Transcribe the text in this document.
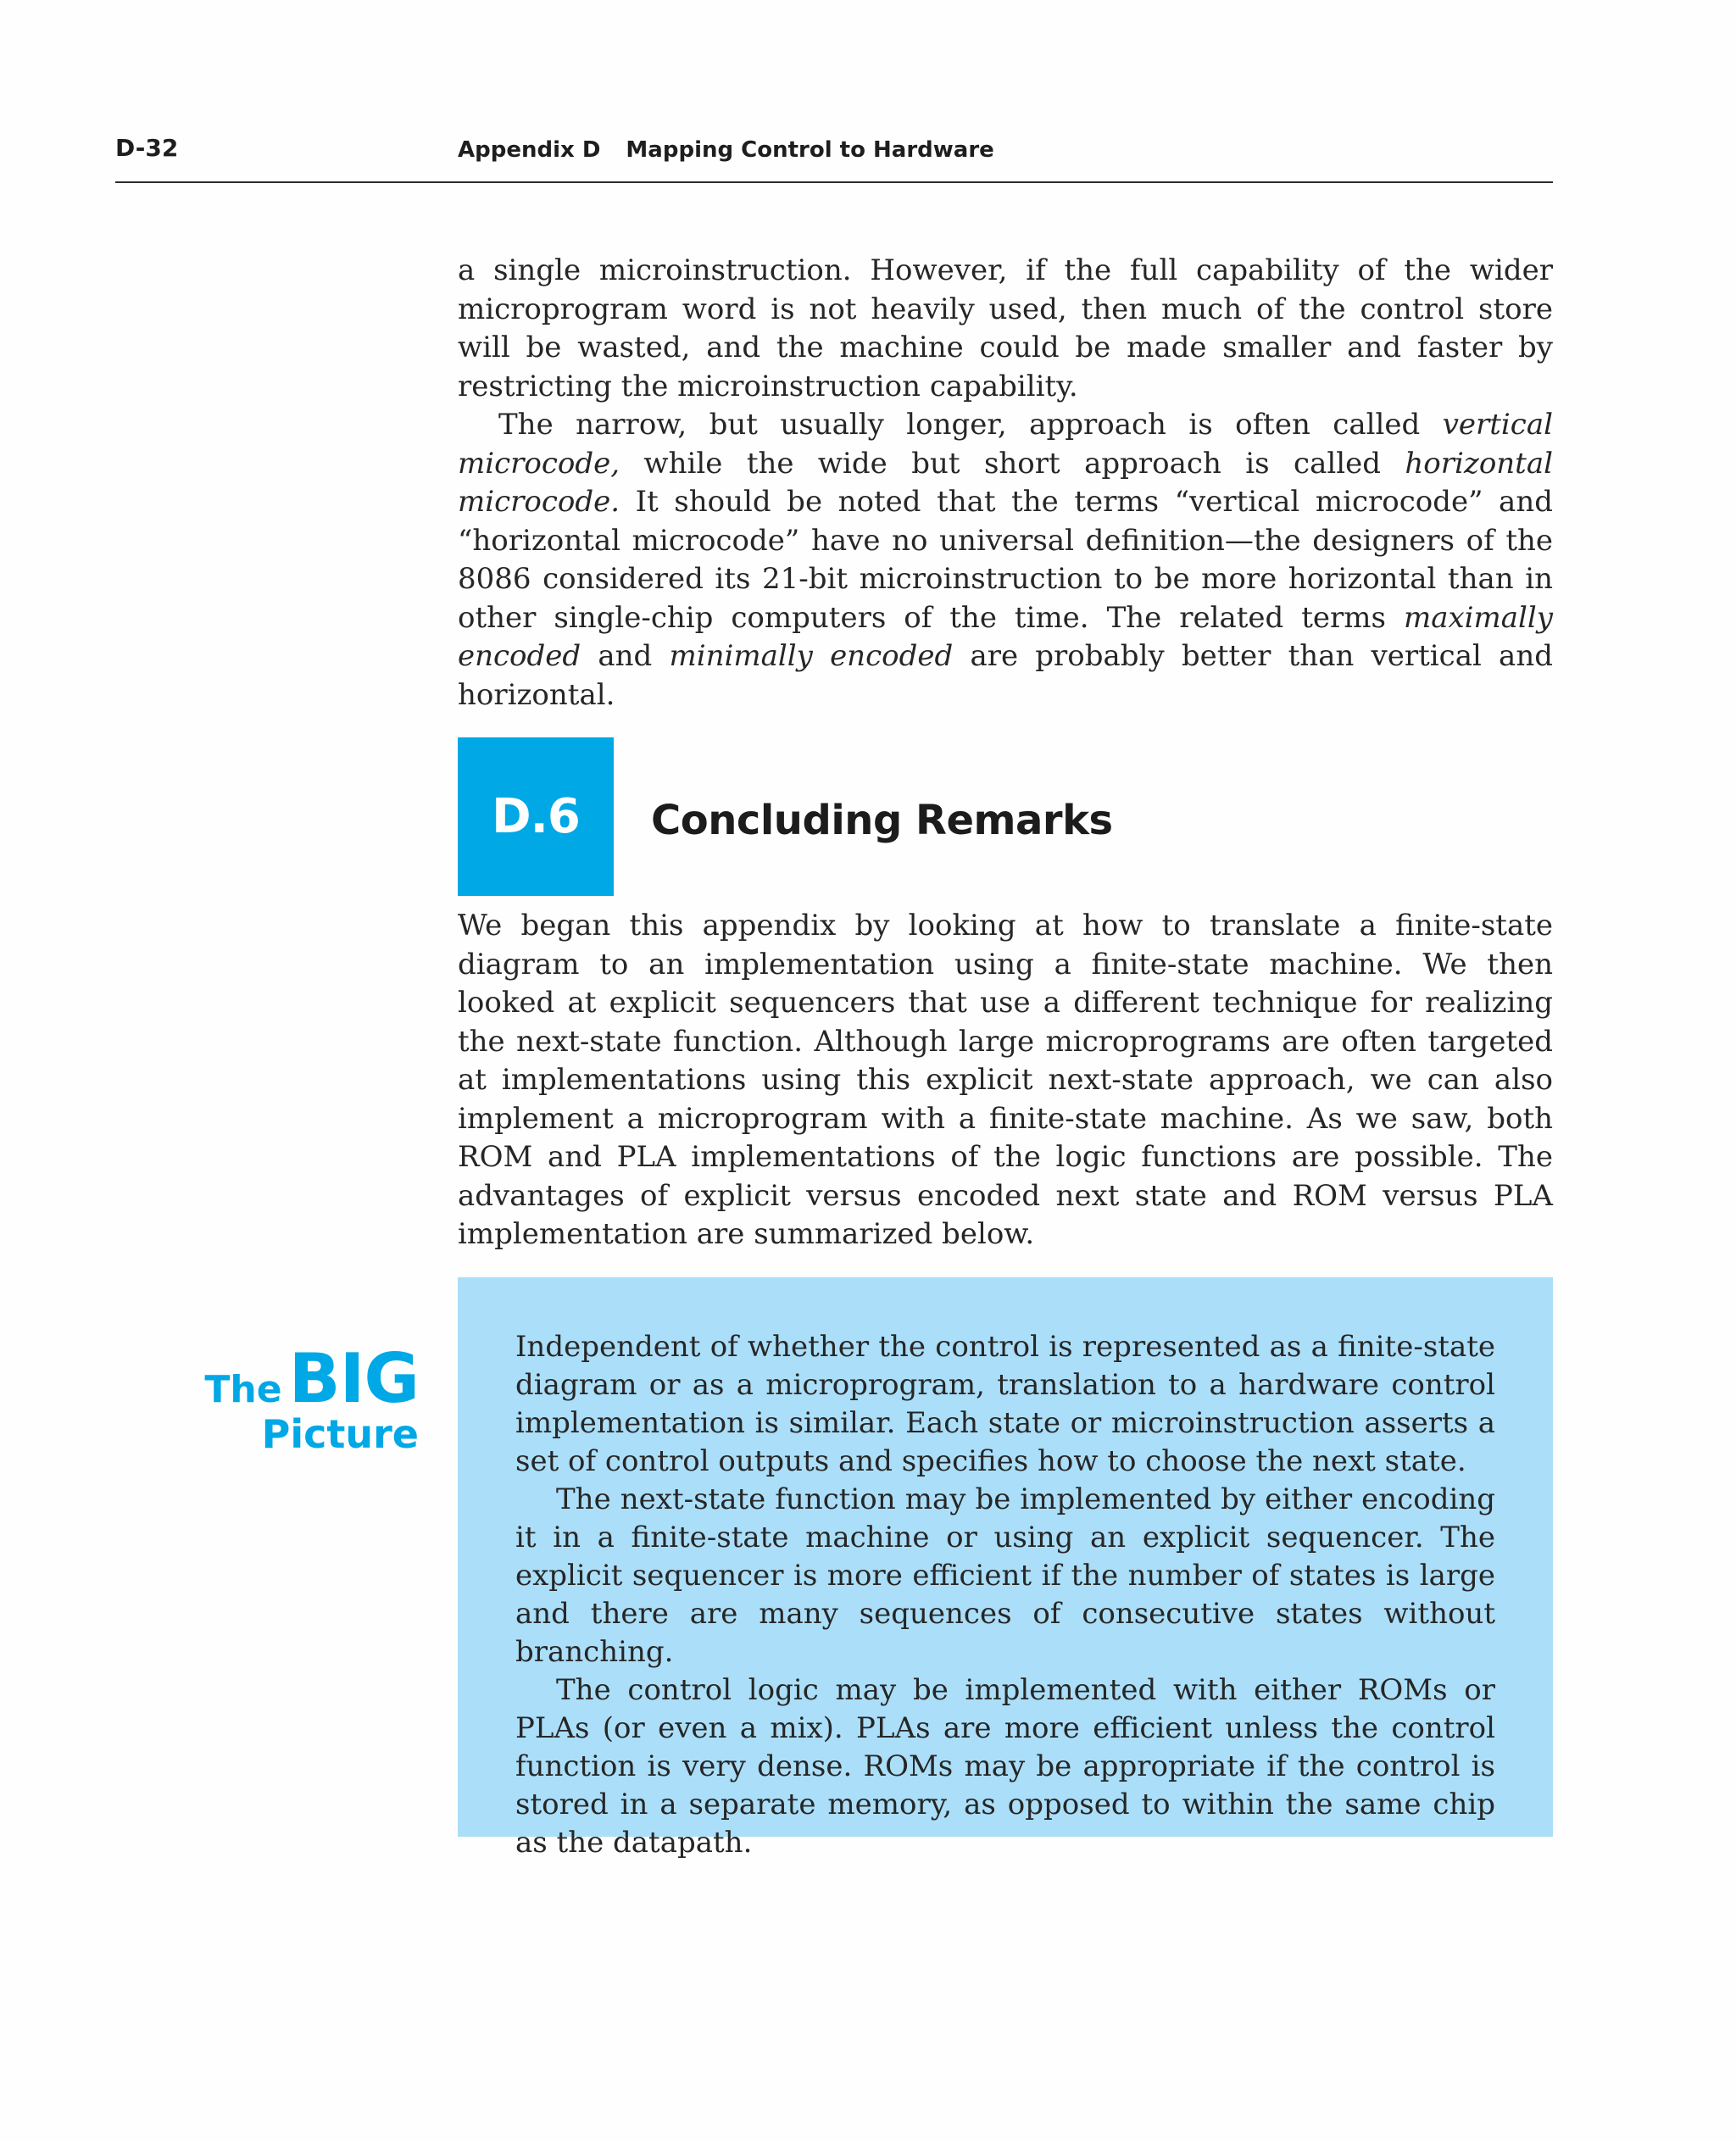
D-32	Appendix D Mapping Control to Hardware

a single microinstruction. However, if the full capability of the wider microprogram word is not heavily used, then much of the control store will be wasted, and the machine could be made smaller and faster by restricting the microinstruction capability.

The narrow, but usually longer, approach is often called vertical microcode, while the wide but short approach is called horizontal microcode. It should be noted that the terms “vertical microcode” and “horizontal microcode” have no universal definition—the designers of the 8086 considered its 21-bit microinstruction to be more horizontal than in other single-chip computers of the time. The related terms maximally encoded and minimally encoded are probably better than vertical and horizontal.

D.6	Concluding Remarks

We began this appendix by looking at how to translate a finite-state diagram to an implementation using a finite-state machine. We then looked at explicit sequencers that use a different technique for realizing the next-state function. Although large microprograms are often targeted at implementations using this explicit next-state approach, we can also implement a microprogram with a finite-state machine. As we saw, both ROM and PLA implementations of the logic functions are possible. The advantages of explicit versus encoded next state and ROM versus PLA implementation are summarized below.

The BIG
Picture

Independent of whether the control is represented as a finite-state diagram or as a microprogram, translation to a hardware control implementation is similar. Each state or microinstruction asserts a set of control outputs and specifies how to choose the next state.

The next-state function may be implemented by either encoding it in a finite-state machine or using an explicit sequencer. The explicit sequencer is more efficient if the number of states is large and there are many sequences of consecutive states without branching.

The control logic may be implemented with either ROMs or PLAs (or even a mix). PLAs are more efficient unless the control function is very dense. ROMs may be appropriate if the control is stored in a separate memory, as opposed to within the same chip as the datapath.
